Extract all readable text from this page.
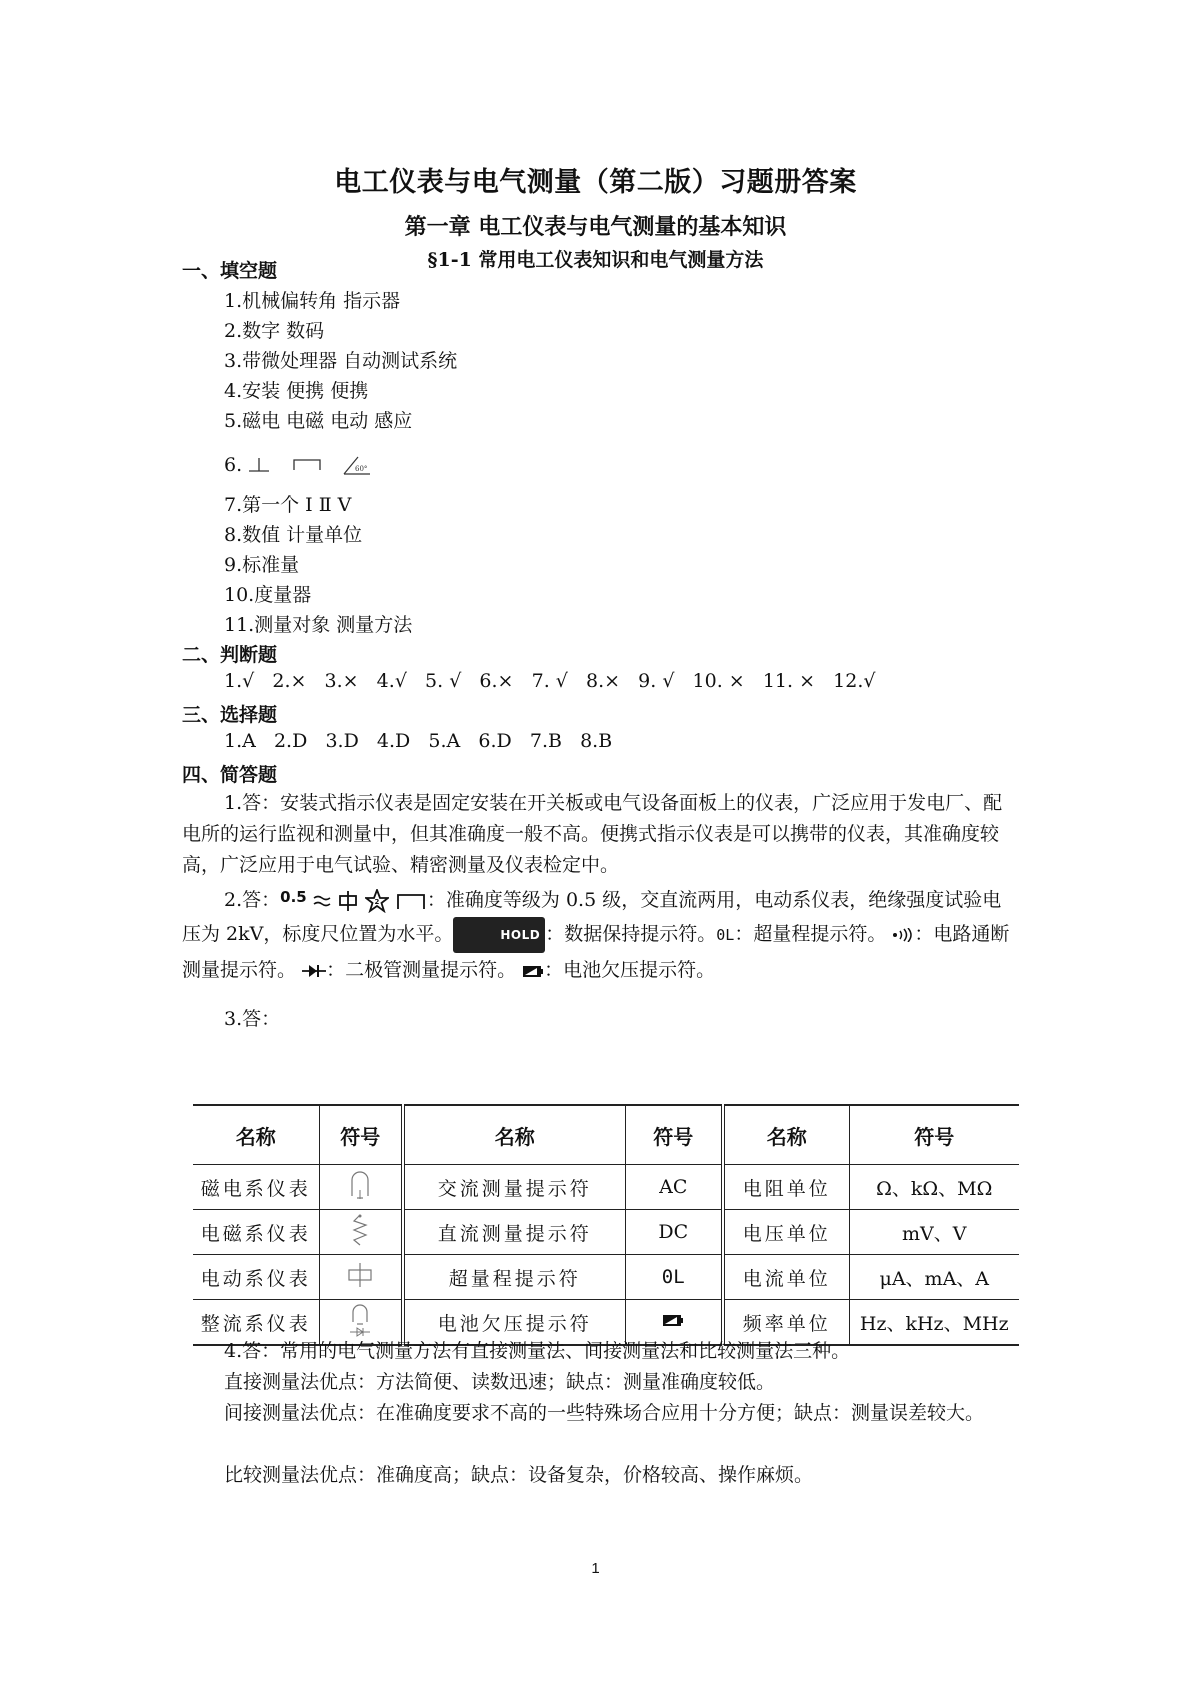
电工仪表与电气测量（第二版）习题册答案
第一章 电工仪表与电气测量的基本知识
§1-1 常用电工仪表知识和电气测量方法
一、填空题
1.机械偏转角 指示器
2.数字 数码
3.带微处理器 自动测试系统
4.安装 便携 便携
5.磁电 电磁 电动 感应
6.	60°
7.第一个 Ⅰ Ⅱ Ⅴ
8.数值 计量单位
9.标准量
10.度量器
11.测量对象 测量方法
二、判断题
1.√   2.×   3.×   4.√   5. √   6.×   7. √   8.×   9. √   10. ×   11. ×   12.√
三、选择题
1.A   2.D   3.D   4.D   5.A   6.D   7.B   8.B
四、简答题
1.答：安装式指示仪表是固定安装在开关板或电气设备面板上的仪表，广泛应用于发电厂、配电所的运行监视和测量中，但其准确度一般不高。便携式指示仪表是可以携带的仪表，其准确度较高，广泛应用于电气试验、精密测量及仪表检定中。
2.答：$^{0.5}$	2	：准确度等级为 0.5 级，交直流两用，电动系仪表，绝缘强度试验电压为 2kV，标度尺位置为水平。	HOLD ：数据保持提示符。0L：超量程提示符。 ：电路通断测量提示符。 ：二极管测量提示符。 ：电池欠压提示符。
3.答：
名称	符号	名称	符号	名称	符号
磁电系仪表		交流测量提示符	AC	电阻单位	Ω、kΩ、MΩ
电磁系仪表		直流测量提示符	DC	电压单位	mV、V
电动系仪表		超量程提示符	0L	电流单位	μA、mA、A
整流系仪表		电池欠压提示符		频率单位	Hz、kHz、MHz
4.答：常用的电气测量方法有直接测量法、间接测量法和比较测量法三种。
直接测量法优点：方法简便、读数迅速；缺点：测量准确度较低。
间接测量法优点：在准确度要求不高的一些特殊场合应用十分方便；缺点：测量误差较大。
比较测量法优点：准确度高；缺点：设备复杂，价格较高、操作麻烦。
1
